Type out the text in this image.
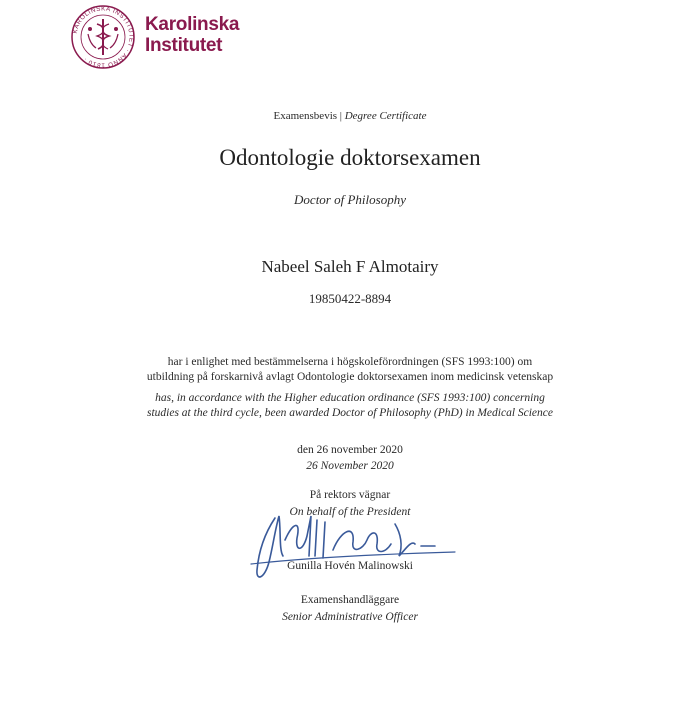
KAROLINSKA INSTITUTET · ANNO 1810 ·
Karolinska
Institutet
Examensbevis | Degree Certificate
Odontologie doktorsexamen
Doctor of Philosophy
Nabeel Saleh F Almotairy
19850422-8894
har i enlighet med bestämmelserna i högskoleförordningen (SFS 1993:100) om
utbildning på forskarnivå avlagt Odontologie doktorsexamen inom medicinsk vetenskap
has, in accordance with the Higher education ordinance (SFS 1993:100) concerning
studies at the third cycle, been awarded Doctor of Philosophy (PhD) in Medical Science
den 26 november 2020
26 November 2020
På rektors vägnar
On behalf of the President
Gunilla Hovén Malinowski
Examenshandläggare
Senior Administrative Officer
